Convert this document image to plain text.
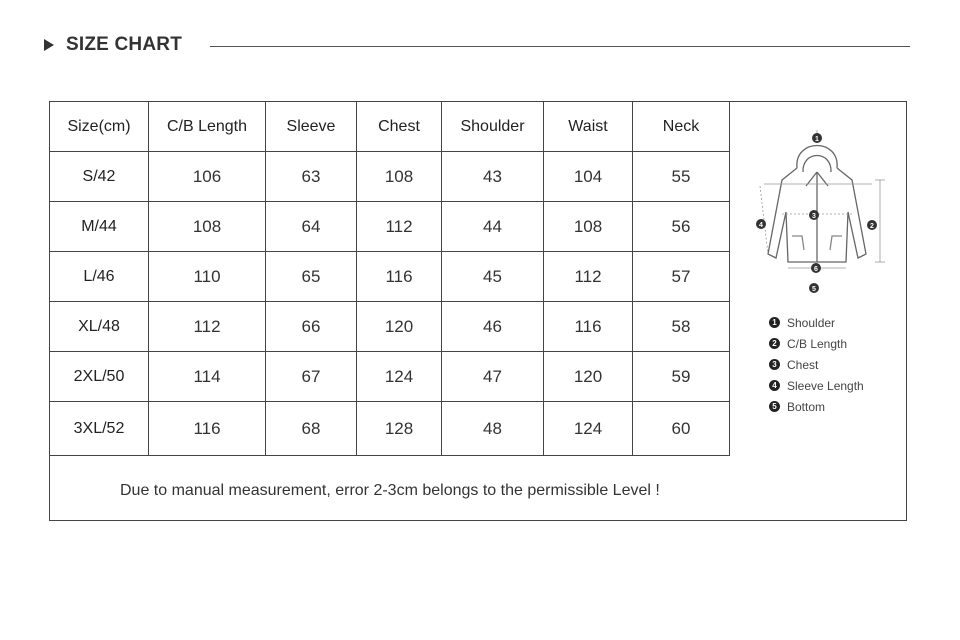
SIZE CHART
Size(cm)	C/B Length	Sleeve	Chest	Shoulder	Waist	Neck
S/42	106	63	108	43	104	55
M/44	108	64	112	44	108	56
L/46	110	65	116	45	112	57
XL/48	112	66	120	46	116	58
2XL/50	114	67	124	47	120	59
3XL/52	116	68	128	48	124	60
Due to manual measurement, error 2-3cm belongs to the permissible Level !
1
2
3
4
5
6
1 Shoulder
2 C/B Length
3 Chest
4 Sleeve Length
5 Bottom
